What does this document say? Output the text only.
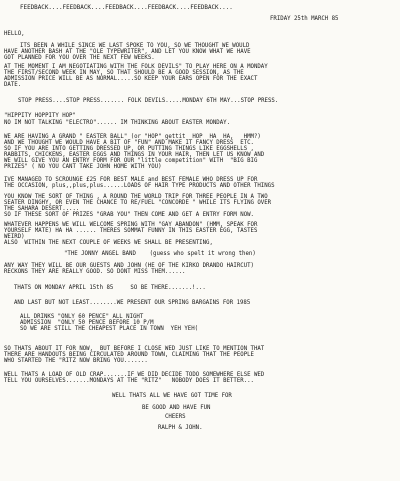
FEEDBACK....FEEDBACK....FEEDBACK....FEEDBACK....FEEDBACK....
FRIDAY 25th MARCH 85
HELLO,
ITS BEEN A WHILE SINCE WE LAST SPOKE TO YOU, SO WE THOUGHT WE WOULD
HAVE ANOTHER BASH AT THE "OLE TYPEWRITER", AND LET YOU KNOW WHAT WE HAVE
GOT PLANNED FOR YOU OVER THE NEXT FEW WEEKS.
AT THE MOMENT I AM NEGOTIATING WITH THE FOLK DEVILS" TO PLAY HERE ON A MONDAY
THE FIRST/SECOND WEEK IN MAY, SO THAT SHOULD BE A GOOD SESSION, AS THE
ADMISSION PRICE WILL BE AS NORMAL.....SO KEEP YOUR EARS OPEN FOR THE EXACT
DATE.
STOP PRESS....STOP PRESS....... FOLK DEVILS.....MONDAY 6TH MAY...STOP PRESS.
"HIPPITY HOPPITY HOP"
NO IM NOT TALKING "ELECTRO"...... IM THINKING ABOUT EASTER MONDAY.
WE ARE HAVING A GRAND " EASTER BALL" (or "HOP" gettit  HOP  HA  HA,   HMM?)
AND WE THOUGHT WE WOULD HAVE A BIT OF "FUN" AND MAKE IT FANCY DRESS  ETC.
SO IF YOU ARE INTO GETTING DRESSED UP, OR PUTTING THINGS LIKE EGGSHELLS ,
RABBITS, CHICKENS, EASTER EGGS AND THINGS IN YOUR HAIR, THEN LET US KNOW AND
WE WILL GIVE YOU AN ENTRY FORM FOR OUR "little competition" WITH  "BIG BIG
PRIZES" ( NO YOU CANT TAKE JOHN HOME WITH YOU)
IVE MANAGED TO SCROUNGE £25 FOR BEST MALE and BEST FEMALE WHO DRESS UP FOR
THE OCCASION, plus,,plus,plus......LOADS OF HAIR TYPE PRODUCTS AND OTHER THINGS
YOU KNOW THE SORT OF THING , A ROUND THE WORLD TRIP FOR THREE PEOPLE IN A TWO
SEATER DINGHY, OR EVEN THE CHANCE TO RE/FUEL "CONCORDE " WHILE ITS FLYING OVER
THE SAHARA DESERT.....
SO IF THESE SORT OF PRIZES "GRAB YOU" THEN COME AND GET A ENTRY FORM NOW.
WHATEVER HAPPENS WE WILL WELCOME SPRING WITH "GAY ABANDON" (HMM, SPEAK FOR
YOURSELF MATE) HA HA ...... THERES SOMMAT FUNNY IN THIS EASTER EGG, TASTES
WEIRD)
ALSO  WITHIN THE NEXT COUPLE OF WEEKS WE SHALL BE PRESENTING,
"THE JONNY ANGEL BAND    (guess who spelt it wrong then)
ANY WAY THEY WILL BE OUR GUESTS AND JOHN (HE OF THE KIRKO DRANDO HAIRCUT)
RECKONS THEY ARE REALLY GOOD. SO DONT MISS THEM......
THATS ON MONDAY APRIL 15th 85     SO BE THERE.......!...
AND LAST BUT NOT LEAST........WE PRESENT OUR SPRING BARGAINS FOR 1985
ALL DRINKS "ONLY 60 PENCE" ALL NIGHT
ADMISSION  "ONLY 50 PENCE BEFORE 10 P/M
SO WE ARE STILL THE CHEAPEST PLACE IN TOWN  YEH YEH(
SO THATS ABOUT IT FOR NOW,  BUT BEFORE I CLOSE WED JUST LIKE TO MENTION THAT
THERE ARE HANDOUTS BEING CIRCULATED AROUND TOWN, CLAIMING THAT THE PEOPLE
WHO STARTED THE "RITZ NOW BRING YOU.......
WELL THATS A LOAD OF OLD CRAP.......IF WE DID DECIDE TODO SOMEWHERE ELSE WED
TELL YOU OURSELVES.......MONDAYS AT THE "RITZ"   NOBODY DOES IT BETTER...
WELL THATS ALL WE HAVE GOT TIME FOR
BE GOOD AND HAVE FUN
CHEERS
RALPH & JOHN.
